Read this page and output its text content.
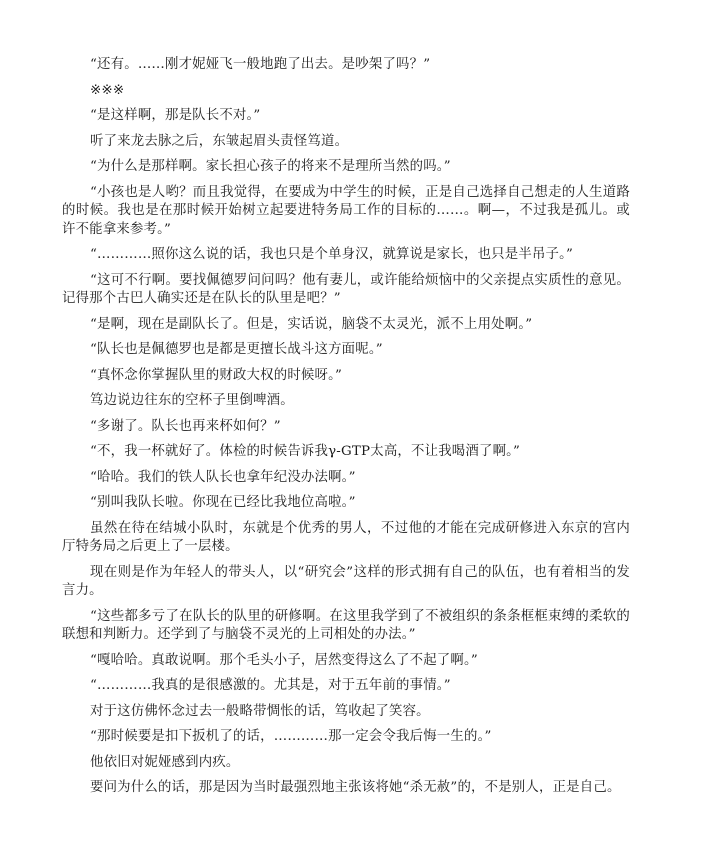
“还有。……刚才妮娅飞一般地跑了出去。是吵架了吗？”

※※※

“是这样啊，那是队长不对。”

听了来龙去脉之后，东皱起眉头责怪笃道。

“为什么是那样啊。家长担心孩子的将来不是理所当然的吗。”

“小孩也是人哟？而且我觉得，在要成为中学生的时候，正是自己选择自己想走的人生道路的时候。我也是在那时候开始树立起要进特务局工作的目标的……。啊—，不过我是孤儿。或许不能拿来参考。”

“…………照你这么说的话，我也只是个单身汉，就算说是家长，也只是半吊子。”

“这可不行啊。要找佩德罗问问吗？他有妻儿，或许能给烦恼中的父亲提点实质性的意见。记得那个古巴人确实还是在队长的队里是吧？”

“是啊，现在是副队长了。但是，实话说，脑袋不太灵光，派不上用处啊。”

“队长也是佩德罗也是都是更擅长战斗这方面呢。”

“真怀念你掌握队里的财政大权的时候呀。”

笃边说边往东的空杯子里倒啤酒。

“多谢了。队长也再来杯如何？”

“不，我一杯就好了。体检的时候告诉我γ-GTP太高，不让我喝酒了啊。”

“哈哈。我们的铁人队长也拿年纪没办法啊。”

“别叫我队长啦。你现在已经比我地位高啦。”

虽然在待在结城小队时，东就是个优秀的男人，不过他的才能在完成研修进入东京的宫内厅特务局之后更上了一层楼。

现在则是作为年轻人的带头人，以“研究会”这样的形式拥有自己的队伍，也有着相当的发言力。

“这些都多亏了在队长的队里的研修啊。在这里我学到了不被组织的条条框框束缚的柔软的联想和判断力。还学到了与脑袋不灵光的上司相处的办法。”

“嘎哈哈。真敢说啊。那个毛头小子，居然变得这么了不起了啊。”

“…………我真的是很感激的。尤其是，对于五年前的事情。”

对于这仿佛怀念过去一般略带惆怅的话，笃收起了笑容。

“那时候要是扣下扳机了的话，…………那一定会令我后悔一生的。”

他依旧对妮娅感到内疚。

要问为什么的话，那是因为当时最强烈地主张该将她“杀无赦”的，不是别人，正是自己。
